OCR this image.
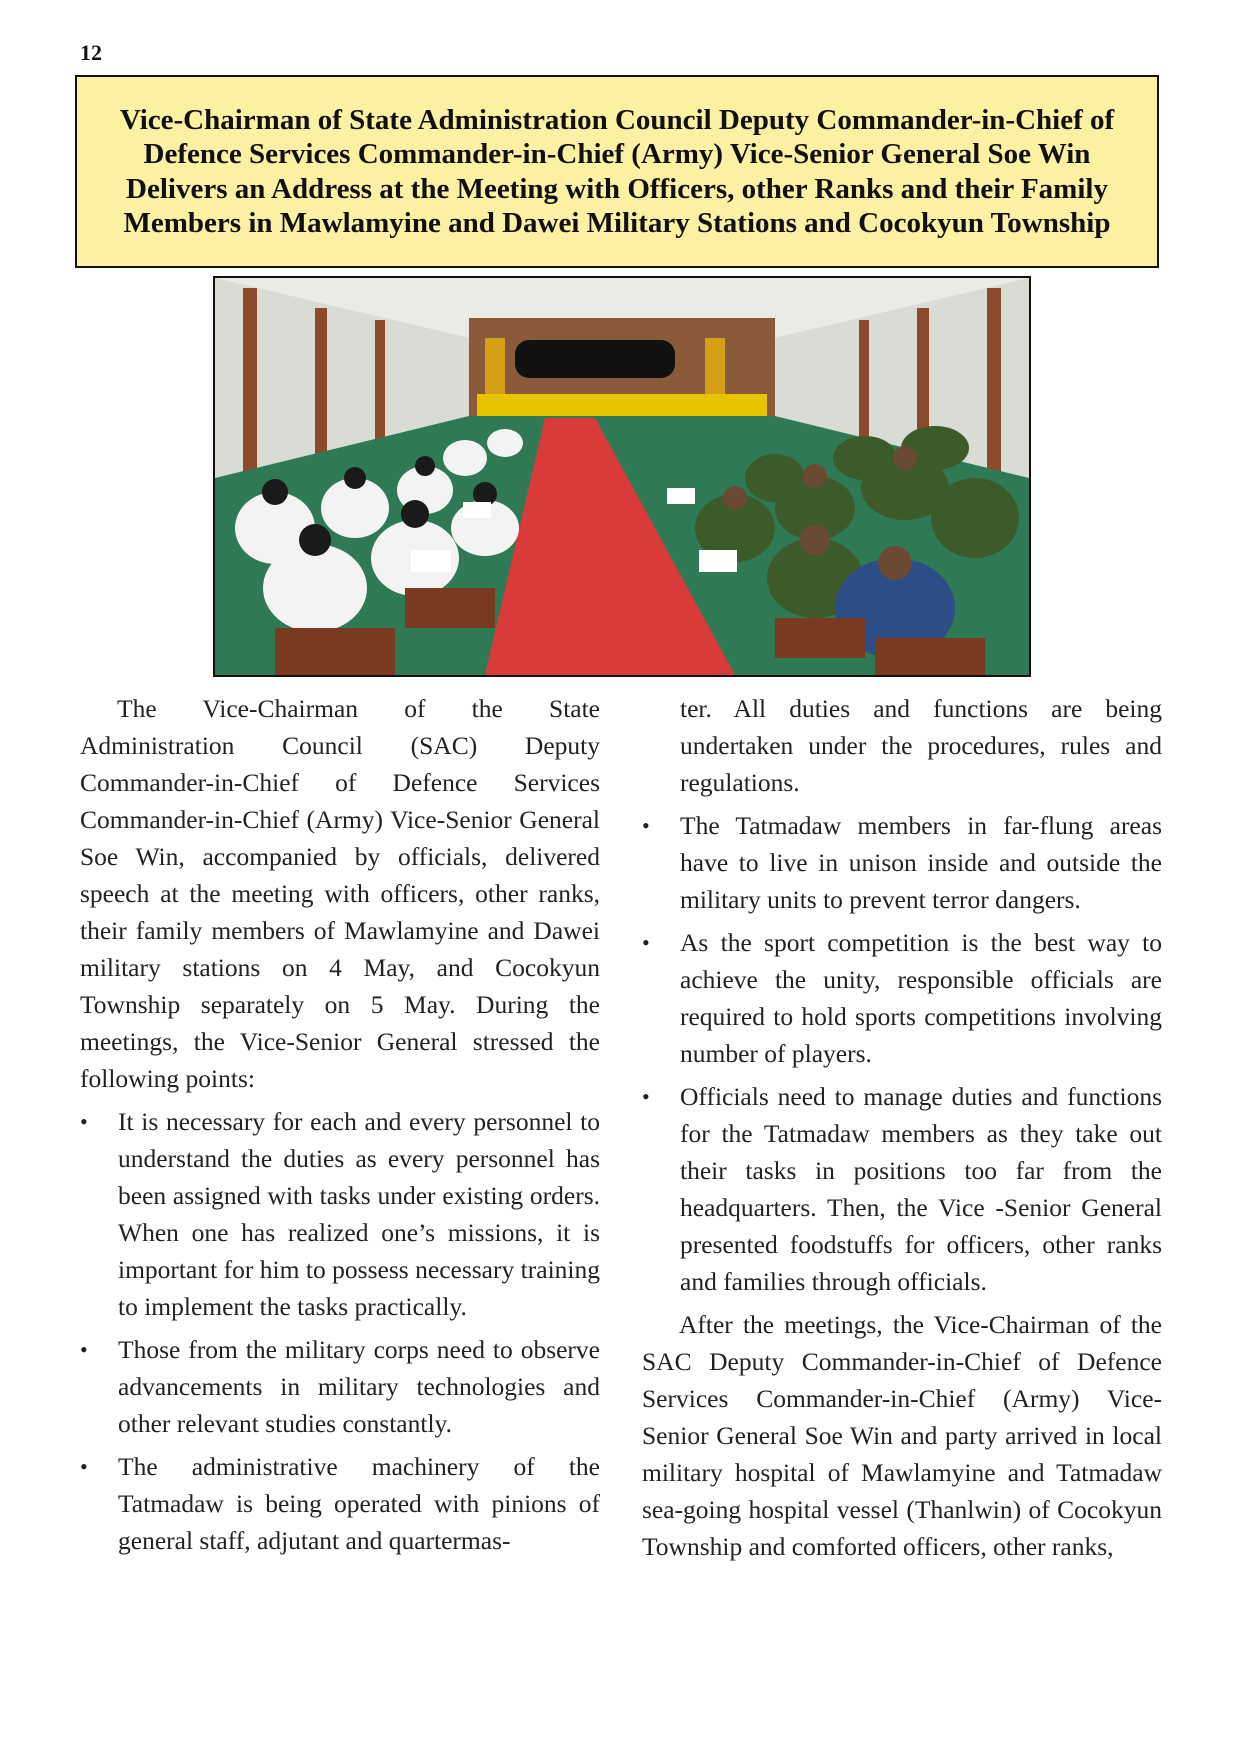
12
Vice-Chairman of State Administration Council Deputy Commander-in-Chief of Defence Services Commander-in-Chief (Army) Vice-Senior General Soe Win Delivers an Address at the Meeting with Officers, other Ranks and their Family Members in Mawlamyine and Dawei Military Stations and Cocokyun Township

The Vice-Chairman of the State Administration Council (SAC) Deputy Commander-in-Chief of Defence Services Commander-in-Chief (Army) Vice-Senior General Soe Win, accompanied by officials, delivered speech at the meeting with officers, other ranks, their family members of Mawlamyine and Dawei military stations on 4 May, and Cocokyun Township separately on 5 May. During the meetings, the Vice-Senior General stressed the following points:

• It is necessary for each and every personnel to understand the duties as every personnel has been assigned with tasks under existing orders. When one has realized one’s missions, it is important for him to possess necessary training to implement the tasks practically.
• Those from the military corps need to observe advancements in military technologies and other relevant studies constantly.
• The administrative machinery of the Tatmadaw is being operated with pinions of general staff, adjutant and quartermas-
ter. All duties and functions are being undertaken under the procedures, rules and regulations.
• The Tatmadaw members in far-flung areas have to live in unison inside and outside the military units to prevent terror dangers.
• As the sport competition is the best way to achieve the unity, responsible officials are required to hold sports competitions involving number of players.
• Officials need to manage duties and functions for the Tatmadaw members as they take out their tasks in positions too far from the headquarters. Then, the Vice -Senior General presented foodstuffs for officers, other ranks and families through officials.

After the meetings, the Vice-Chairman of the SAC Deputy Commander-in-Chief of Defence Services Commander-in-Chief (Army) Vice-Senior General Soe Win and party arrived in local military hospital of Mawlamyine and Tatmadaw sea-going hospital vessel (Thanlwin) of Cocokyun Township and comforted officers, other ranks,
